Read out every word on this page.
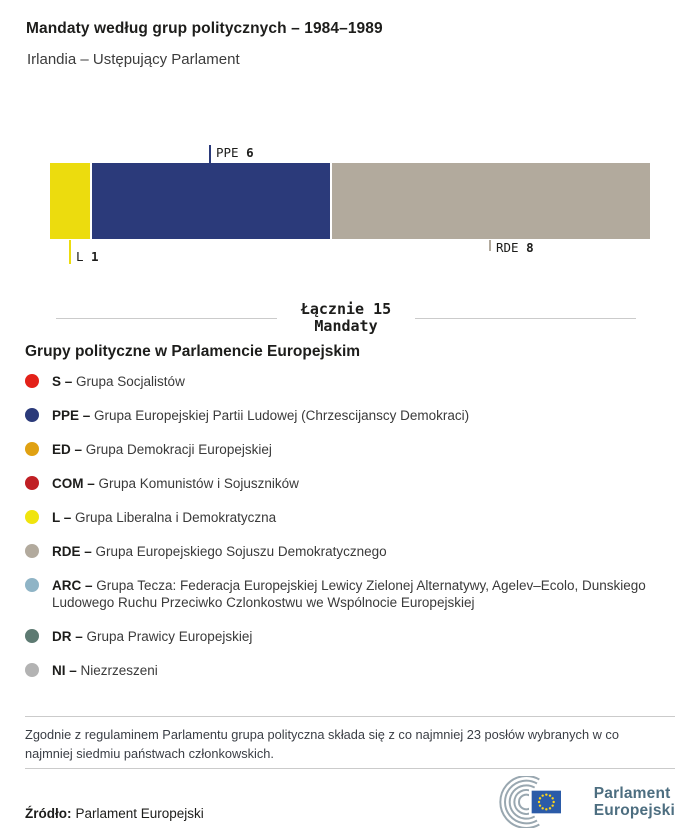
Mandaty według grup politycznych – 1984–1989
Irlandia – Ustępujący Parlament
L 1
PPE 6
RDE 8
Łącznie 15
Mandaty
Grupy polityczne w Parlamencie Europejskim
S – Grupa Socjalistów
PPE – Grupa Europejskiej Partii Ludowej (Chrzescijanscy Demokraci)
ED – Grupa Demokracji Europejskiej
COM – Grupa Komunistów i Sojuszników
L – Grupa Liberalna i Demokratyczna
RDE – Grupa Europejskiego Sojuszu Demokratycznego
ARC – Grupa Tecza: Federacja Europejskiej Lewicy Zielonej Alternatywy, Agelev–Ecolo, Dunskiego Ludowego Ruchu Przeciwko Czlonkostwu we Wspólnocie Europejskiej
DR – Grupa Prawicy Europejskiej
NI – Niezrzeszeni
Zgodnie z regulaminem Parlamentu grupa polityczna składa się z co najmniej 23 posłów wybranych w co najmniej siedmiu państwach członkowskich.
Źródło: Parlament Europejski
Parlament
Europejski
